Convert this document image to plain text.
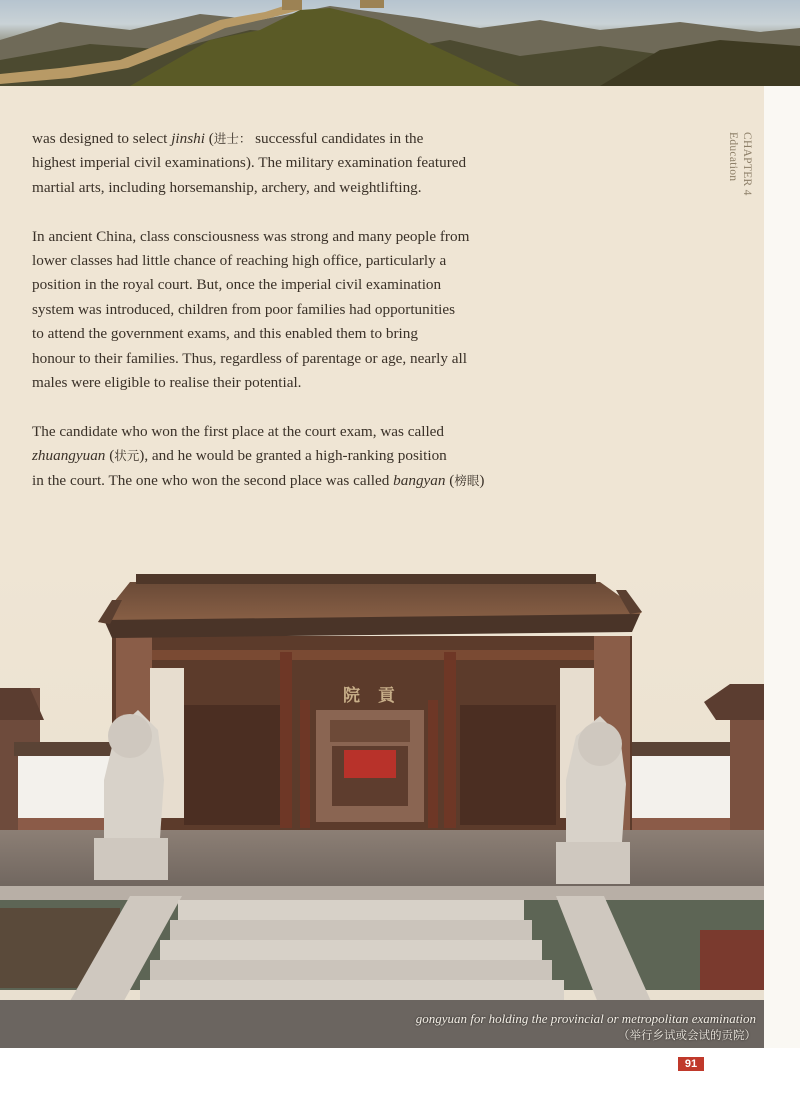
CHAPTER 4
Education

was designed to select jinshi (进士： successful candidates in the
highest imperial civil examinations). The military examination featured
martial arts, including horsemanship, archery, and weightlifting.

In ancient China, class consciousness was strong and many people from
lower classes had little chance of reaching high office, particularly a
position in the royal court. But, once the imperial civil examination
system was introduced, children from poor families had opportunities
to attend the government exams, and this enabled them to bring
honour to their families. Thus, regardless of parentage or age, nearly all
males were eligible to realise their potential.

The candidate who won the first place at the court exam, was called
zhuangyuan (状元), and he would be granted a high-ranking position
in the court. The one who won the second place was called bangyan (榜眼)

院 貢
gongyuan for holding the provincial or metropolitan examination
（举行乡试或会试的贡院）
91
